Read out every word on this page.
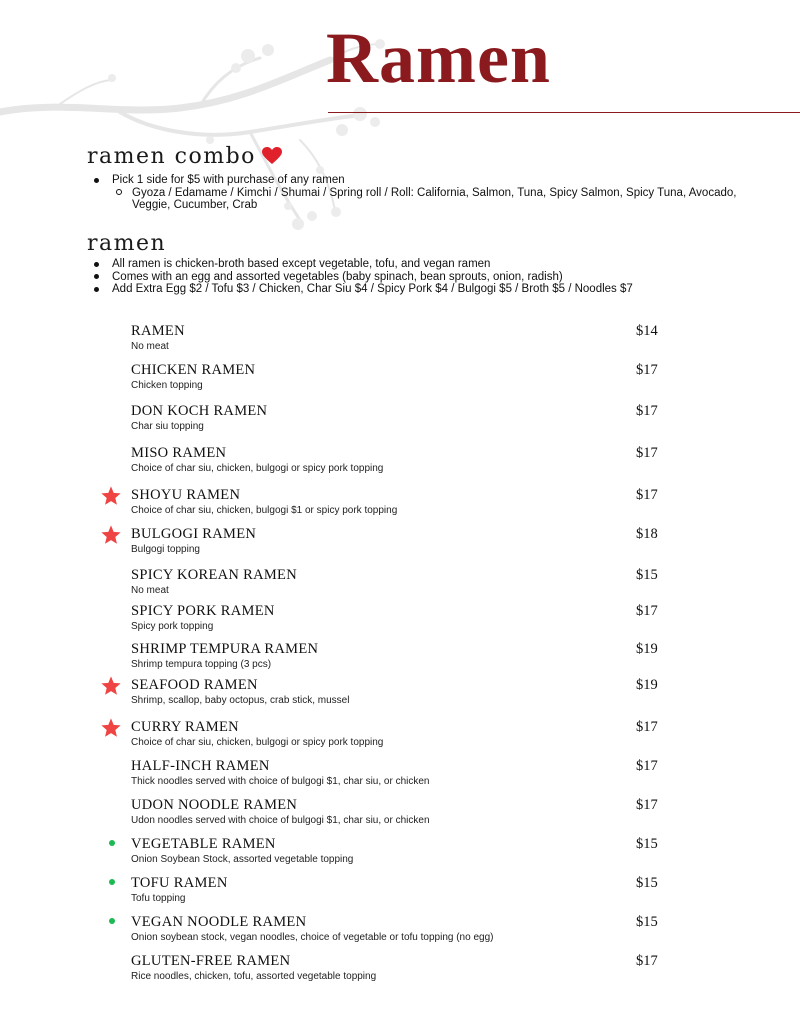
Ramen
ramen combo
Pick 1 side for $5 with purchase of any ramen
Gyoza / Edamame / Kimchi / Shumai / Spring roll / Roll: California, Salmon, Tuna, Spicy Salmon, Spicy Tuna, Avocado,
Veggie, Cucumber, Crab
ramen
All ramen is chicken-broth based except vegetable, tofu, and vegan ramen
Comes with an egg and assorted vegetables (baby spinach, bean sprouts, onion, radish)
Add Extra Egg $2 / Tofu $3 / Chicken, Char Siu $4 / Spicy Pork $4 / Bulgogi $5 / Broth $5 / Noodles $7
RAMEN
No meat
$14
CHICKEN RAMEN
Chicken topping
$17
DON KOCH RAMEN
Char siu topping
$17
MISO RAMEN
Choice of char siu, chicken, bulgogi or spicy pork topping
$17
SHOYU RAMEN
Choice of char siu, chicken, bulgogi $1 or spicy pork topping
$17
BULGOGI RAMEN
Bulgogi topping
$18
SPICY KOREAN RAMEN
No meat
$15
SPICY PORK RAMEN
Spicy pork topping
$17
SHRIMP TEMPURA RAMEN
Shrimp tempura topping (3 pcs)
$19
SEAFOOD RAMEN
Shrimp, scallop, baby octopus, crab stick, mussel
$19
CURRY RAMEN
Choice of char siu, chicken, bulgogi or spicy pork topping
$17
HALF-INCH RAMEN
Thick noodles served with choice of bulgogi $1, char siu, or chicken
$17
UDON NOODLE RAMEN
Udon noodles served with choice of bulgogi $1, char siu, or chicken
$17
VEGETABLE RAMEN
Onion Soybean Stock, assorted vegetable topping
$15
TOFU RAMEN
Tofu topping
$15
VEGAN NOODLE RAMEN
Onion soybean stock, vegan noodles, choice of vegetable or tofu topping (no egg)
$15
GLUTEN-FREE RAMEN
Rice noodles, chicken, tofu, assorted vegetable topping
$17
